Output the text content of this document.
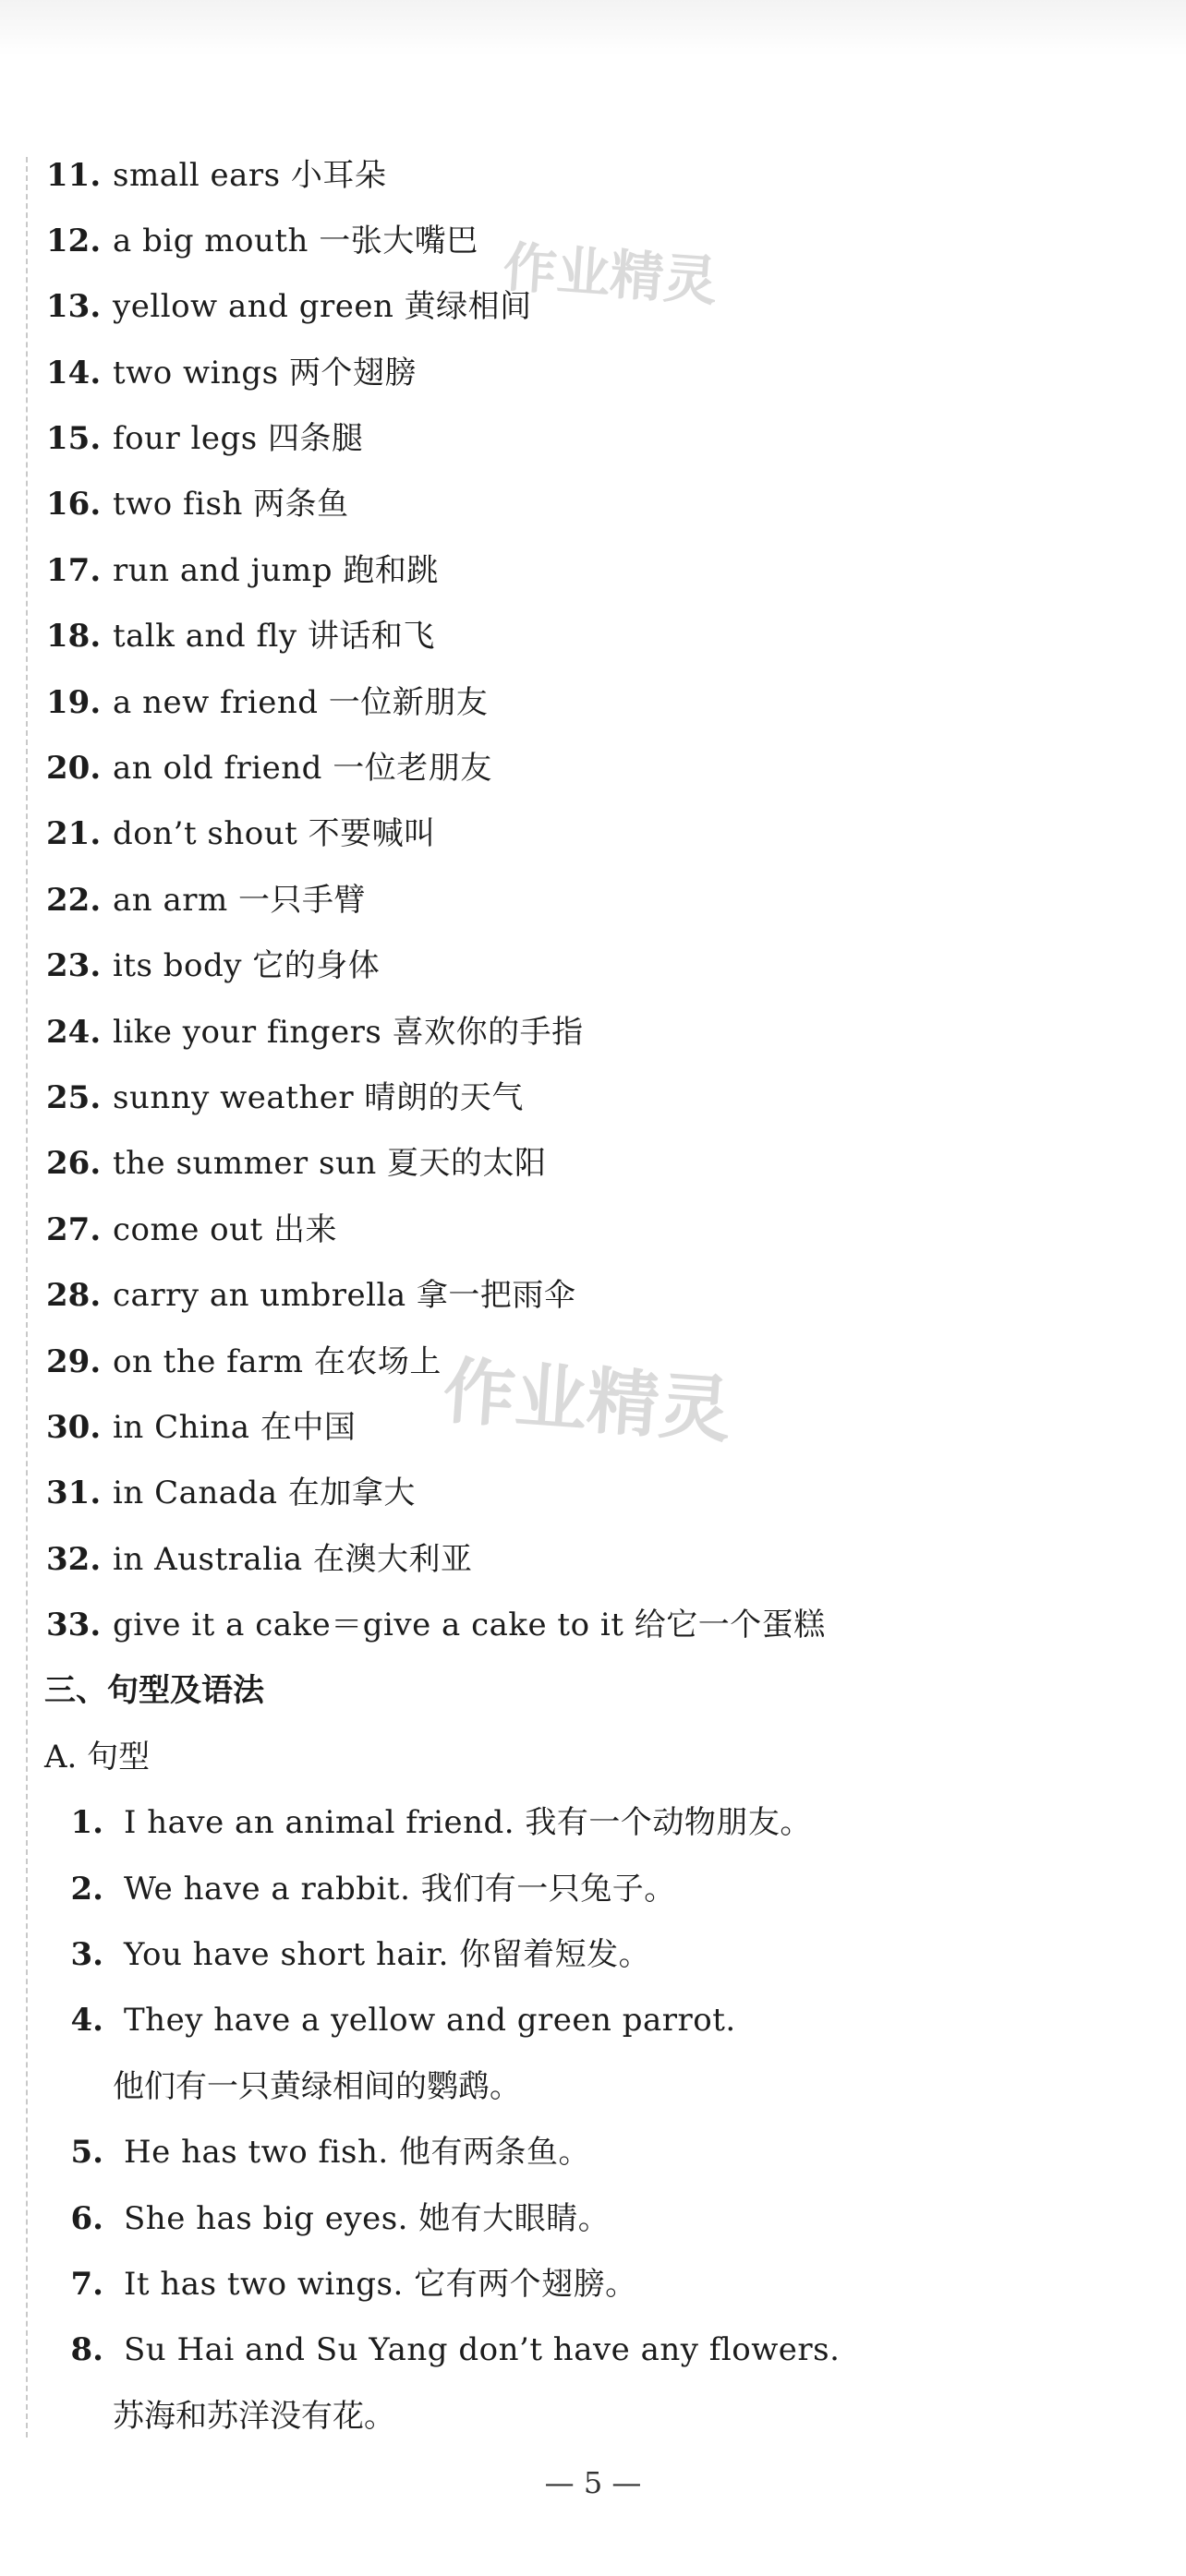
11. small ears 小耳朵
12. a big mouth 一张大嘴巴
13. yellow and green 黄绿相间
14. two wings 两个翅膀
15. four legs 四条腿
16. two fish 两条鱼
17. run and jump 跑和跳
18. talk and fly 讲话和飞
19. a new friend 一位新朋友
20. an old friend 一位老朋友
21. don’t shout 不要喊叫
22. an arm 一只手臂
23. its body 它的身体
24. like your fingers 喜欢你的手指
25. sunny weather 晴朗的天气
26. the summer sun 夏天的太阳
27. come out 出来
28. carry an umbrella 拿一把雨伞
29. on the farm 在农场上
30. in China 在中国
31. in Canada 在加拿大
32. in Australia 在澳大利亚
33. give it a cake＝give a cake to it 给它一个蛋糕
三、句型及语法
A. 句型
1. I have an animal friend. 我有一个动物朋友。
2. We have a rabbit. 我们有一只兔子。
3. You have short hair. 你留着短发。
4. They have a yellow and green parrot.
他们有一只黄绿相间的鹦鹉。
5. He has two fish. 他有两条鱼。
6. She has big eyes. 她有大眼睛。
7. It has two wings. 它有两个翅膀。
8. Su Hai and Su Yang don’t have any flowers.
苏海和苏洋没有花。
作业精灵
作业精灵
— 5 —
